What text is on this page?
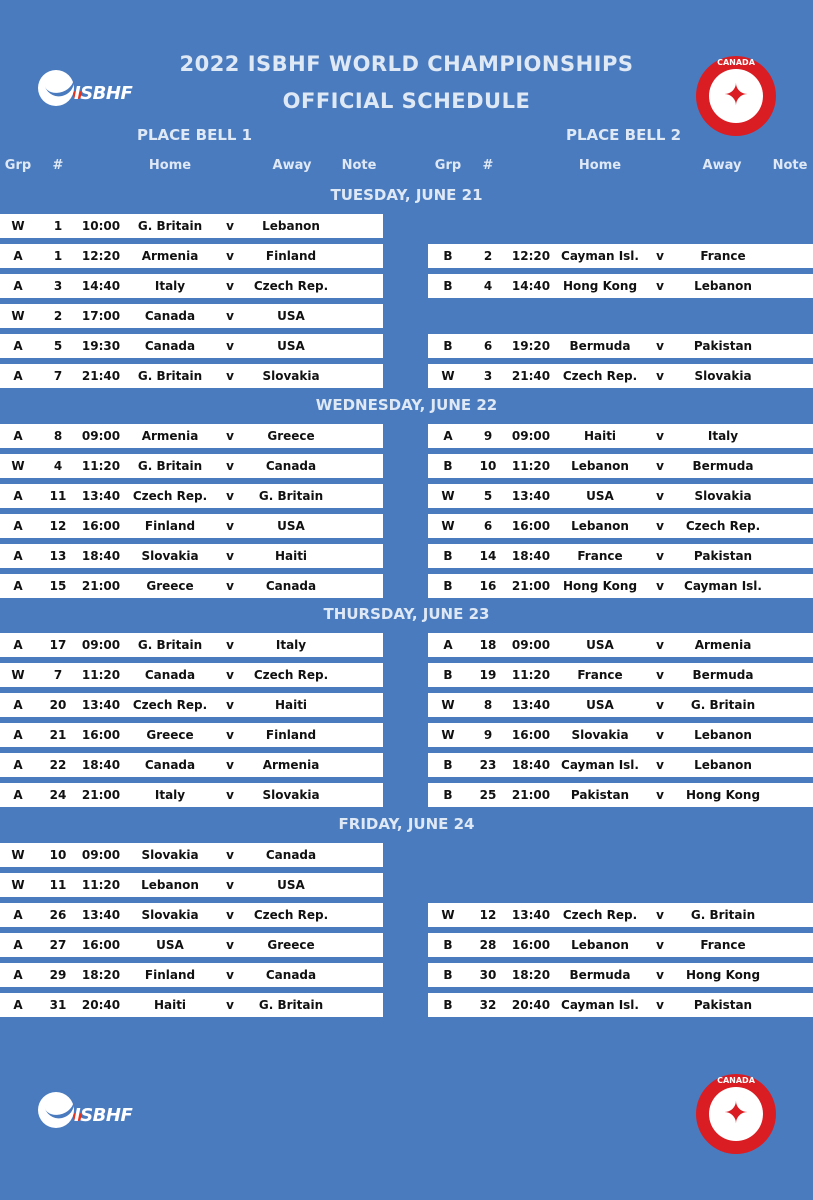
2022 ISBHF WORLD CHAMPIONSHIPS
OFFICIAL SCHEDULE
ISBHF	✦
CANADA
PLACE BELL 1	PLACE BELL 2
Grp	#	Home	Away	Note	Grp	#	Home	Away	Note
TUESDAY, JUNE 21
W	1	10:00	G. Britain	v	Lebanon
A	1	12:20	Armenia	v	Finland	B	2	12:20 Cayman Isl.	v	France
A	3	14:40	Italy	v	Czech Rep.	B	4	14:40	Hong Kong	v	Lebanon
W	2	17:00	Canada	v	USA
A	5	19:30	Canada	v	USA	B	6	19:20	Bermuda	v	Pakistan
A	7	21:40	G. Britain	v	Slovakia	W	3	21:40	Czech Rep.	v	Slovakia
WEDNESDAY, JUNE 22
A	8	09:00	Armenia	v	Greece	A	9	09:00	Haiti	v	Italy
W	4	11:20	G. Britain	v	Canada	B	10	11:20	Lebanon	v	Bermuda
A	11	13:40	Czech Rep.	v	G. Britain	W	5	13:40	USA	v	Slovakia
A	12	16:00	Finland	v	USA	W	6	16:00	Lebanon	v	Czech Rep.
A	13	18:40	Slovakia	v	Haiti	B	14	18:40	France	v	Pakistan
A	15	21:00	Greece	v	Canada	B	16	21:00	Hong Kong	v	Cayman Isl.
THURSDAY, JUNE 23
A	17	09:00	G. Britain	v	Italy	A	18	09:00	USA	v	Armenia
W	7	11:20	Canada	v	Czech Rep.	B	19	11:20	France	v	Bermuda
A	20	13:40	Czech Rep.	v	Haiti	W	8	13:40	USA	v	G. Britain
A	21	16:00	Greece	v	Finland	W	9	16:00	Slovakia	v	Lebanon
A	22	18:40	Canada	v	Armenia	B	23	18:40 Cayman Isl.	v	Lebanon
A	24	21:00	Italy	v	Slovakia	B	25	21:00	Pakistan	v	Hong Kong
FRIDAY, JUNE 24
W	10	09:00	Slovakia	v	Canada
W	11	11:20	Lebanon	v	USA
A	26	13:40	Slovakia	v	Czech Rep.	W	12	13:40	Czech Rep.	v	G. Britain
A	27	16:00	USA	v	Greece	B	28	16:00	Lebanon	v	France
A	29	18:20	Finland	v	Canada	B	30	18:20	Bermuda	v	Hong Kong
A	31	20:40	Haiti	v	G. Britain	B	32	20:40 Cayman Isl.	v	Pakistan
ISBHF	✦
CANADA
